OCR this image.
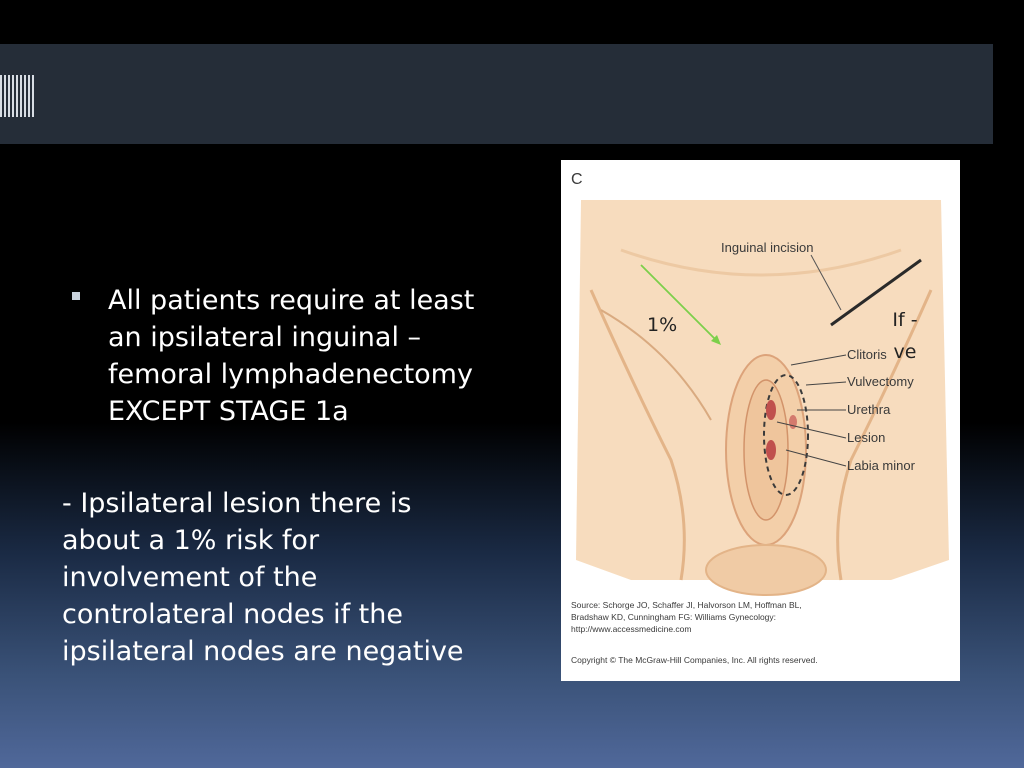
All patients require at least an ipsilateral inguinal – femoral lymphadenectomy EXCEPT STAGE 1a
- Ipsilateral lesion there is about a 1% risk for involvement of the controlateral nodes if the ipsilateral nodes are negative
C
Inguinal incision
Clitoris
Vulvectomy
Urethra
Lesion
Labia minor
Source: Schorge JO, Schaffer JI, Halvorson LM, Hoffman BL,
Bradshaw KD, Cunningham FG: Williams Gynecology:
http://www.accessmedicine.com
Copyright © The McGraw-Hill Companies, Inc. All rights reserved.
1%	If - ve
